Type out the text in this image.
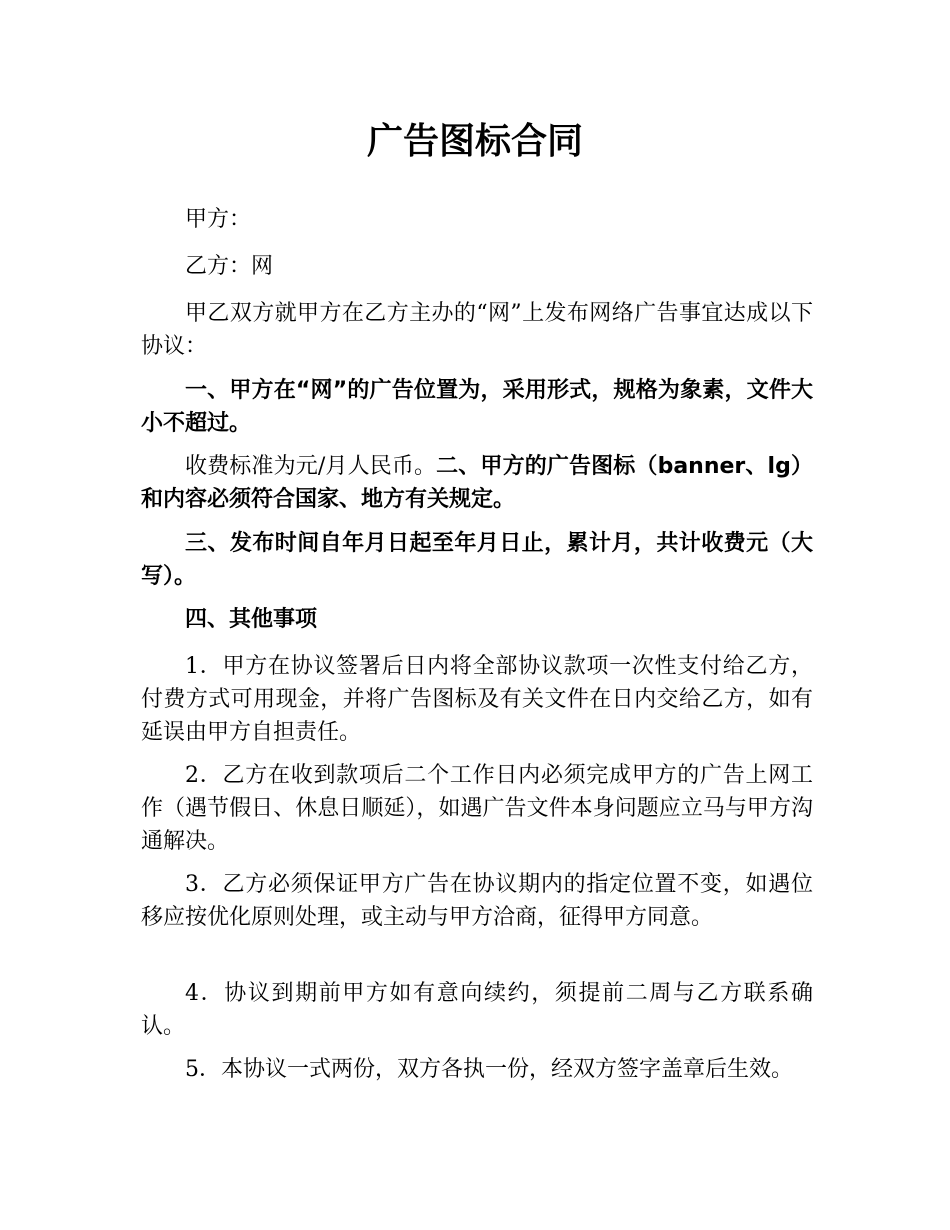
广告图标合同

甲方：

乙方：网

甲乙双方就甲方在乙方主办的“网”上发布网络广告事宜达成以下协议：

一、甲方在“网”的广告位置为，采用形式，规格为象素，文件大小不超过。

收费标准为元/月人民币。二、甲方的广告图标（banner、lg）和内容必须符合国家、地方有关规定。

三、发布时间自年月日起至年月日止，累计月，共计收费元（大写）。

四、其他事项

1．甲方在协议签署后日内将全部协议款项一次性支付给乙方，付费方式可用现金，并将广告图标及有关文件在日内交给乙方，如有延误由甲方自担责任。

2．乙方在收到款项后二个工作日内必须完成甲方的广告上网工作（遇节假日、休息日顺延），如遇广告文件本身问题应立马与甲方沟通解决。

3．乙方必须保证甲方广告在协议期内的指定位置不变，如遇位移应按优化原则处理，或主动与甲方洽商，征得甲方同意。

4．协议到期前甲方如有意向续约，须提前二周与乙方联系确认。

5．本协议一式两份，双方各执一份，经双方签字盖章后生效。
